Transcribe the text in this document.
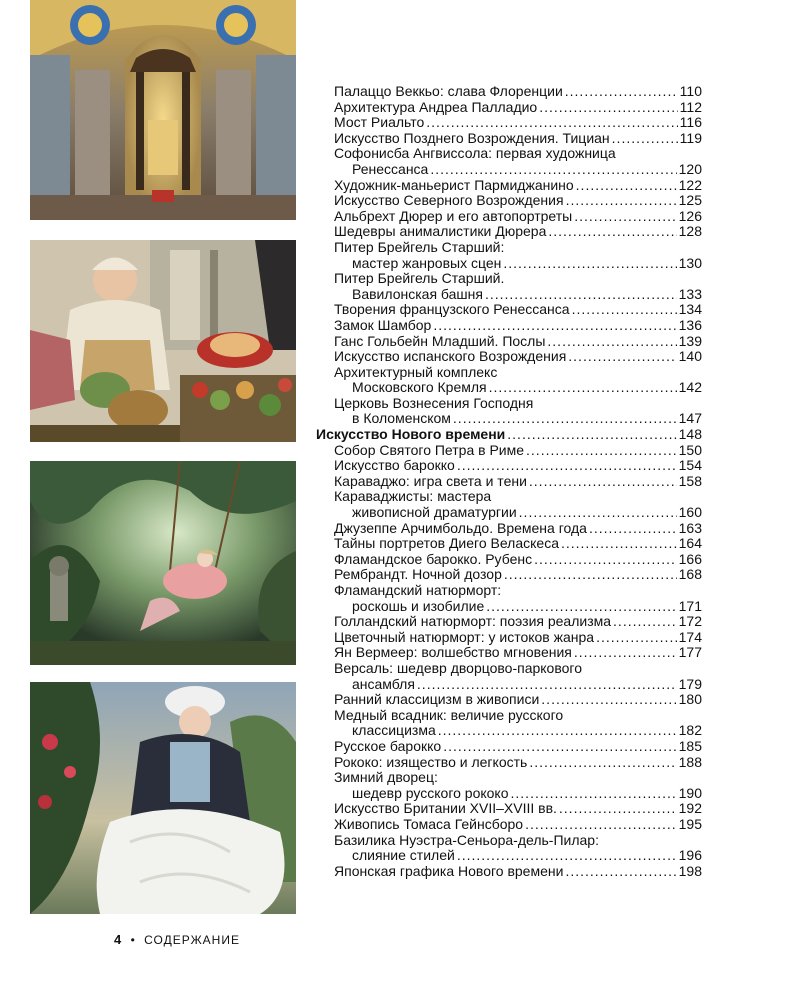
Палаццо Веккьо: слава Флоренции .....	110
Архитектура Андреа Палладио .....	112
Мост Риальто .....	116
Искусство Позднего Возрождения. Тициан .....	119
Софонисба Ангвиссола: первая художница
Ренессанса .....	120
Художник-маньерист Пармиджанино .....	122
Искусство Северного Возрождения .....	125
Альбрехт Дюрер и его автопортреты .....	126
Шедевры анималистики Дюрера .....	128
Питер Брейгель Старший:
мастер жанровых сцен .....	130
Питер Брейгель Старший.
Вавилонская башня .....	133
Творения французского Ренессанса .....	134
Замок Шамбор .....	136
Ганс Гольбейн Младший. Послы .....	139
Искусство испанского Возрождения .....	140
Архитектурный комплекс
Московского Кремля .....	142
Церковь Вознесения Господня
в Коломенском .....	147
Искусство Нового времени .....	148
Собор Святого Петра в Риме .....	150
Искусство барокко .....	154
Караваджо: игра света и тени .....	158
Караваджисты: мастера
живописной драматургии .....	160
Джузеппе Арчимбольдо. Времена года .....	163
Тайны портретов Диего Веласкеса .....	164
Фламандское барокко. Рубенс .....	166
Рембрандт. Ночной дозор .....	168
Фламандский натюрморт:
роскошь и изобилие .....	171
Голландский натюрморт: поэзия реализма .....	172
Цветочный натюрморт: у истоков жанра .....	174
Ян Вермеер: волшебство мгновения .....	177
Версаль: шедевр дворцово-паркового
ансамбля .....	179
Ранний классицизм в живописи .....	180
Медный всадник: величие русского
классицизма .....	182
Русское барокко .....	185
Рококо: изящество и легкость .....	188
Зимний дворец:
шедевр русского рококо .....	190
Искусство Британии XVII–XVIII вв. .....	192
Живопись Томаса Гейнсборо .....	195
Базилика Нуэстра-Сеньора-дель-Пилар:
слияние стилей .....	196
Японская графика Нового времени .....	198
4 • СОДЕРЖАНИЕ
